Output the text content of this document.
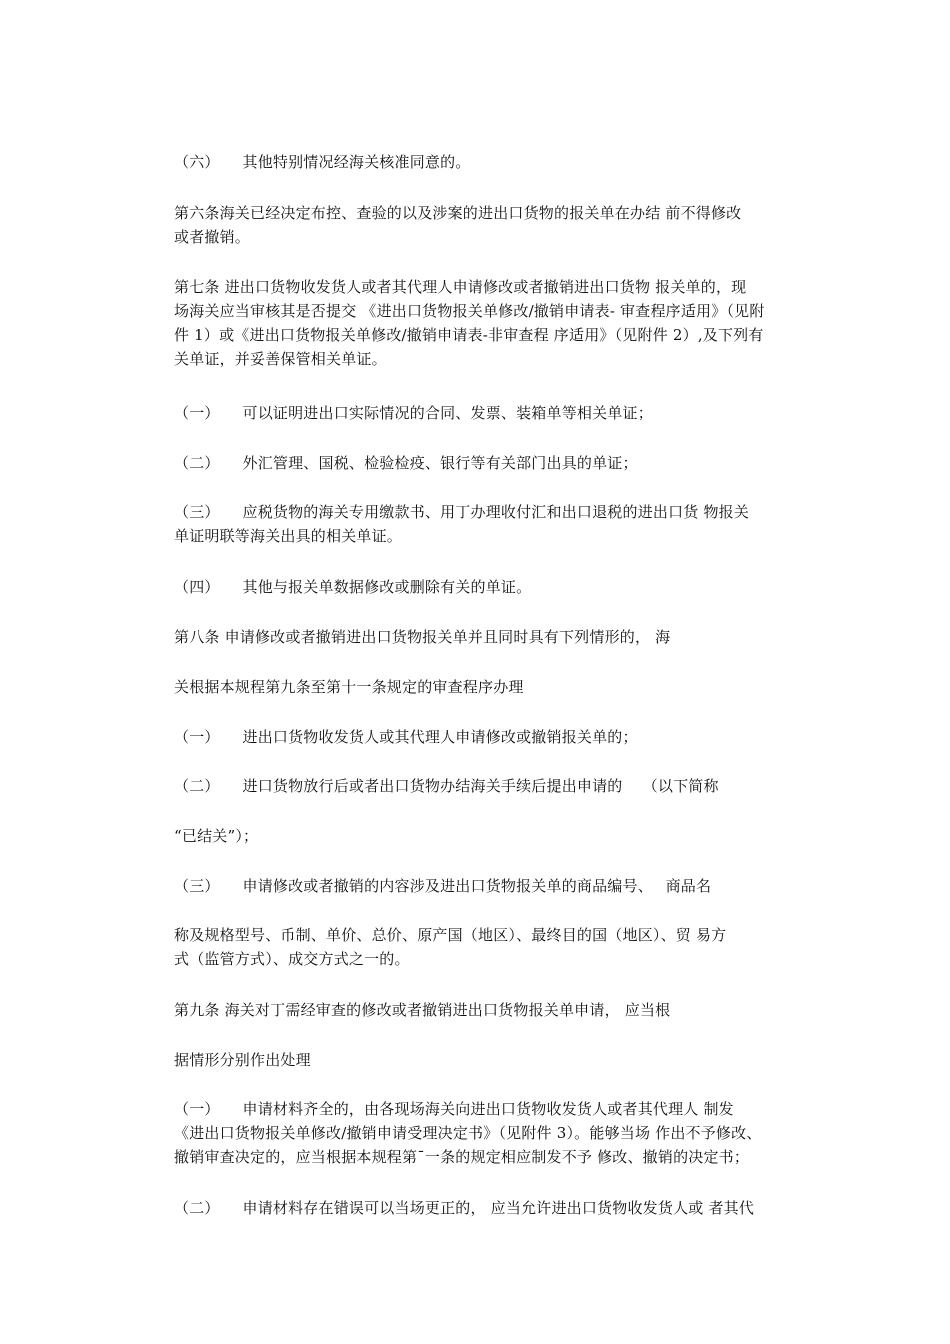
（六）　　其他特别情况经海关核准同意的。

第六条海关已经决定布控、查验的以及涉案的进出口货物的报关单在办结 前不得修改
或者撤销。

第七条 进出口货物收发货人或者其代理人申请修改或者撤销进出口货物 报关单的，现
场海关应当审核其是否提交 《进出口货物报关单修改/撤销申请表- 审查程序适用》（见附
件 1）或《进出口货物报关单修改/撤销申请表-非审查程 序适用》（见附件 2）,及下列有
关单证，并妥善保管相关单证。

（一）　　可以证明进出口实际情况的合同、发票、装箱单等相关单证；

（二）　　外汇管理、国税、检验检疫、银行等有关部门出具的单证；

（三）　　应税货物的海关专用缴款书、用丁办理收付汇和出口退税的进出口货 物报关
单证明联等海关出具的相关单证。

（四）　　其他与报关单数据修改或删除有关的单证。

第八条 申请修改或者撤销进出口货物报关单并且同时具有下列情形的， 海

关根据本规程第九条至第十一条规定的审查程序办理

（一）　　进出口货物收发货人或其代理人申请修改或撤销报关单的；

（二）　　进口货物放行后或者出口货物办结海关手续后提出申请的　 （以下简称

“已结关”）；

（三）　　申请修改或者撤销的内容涉及进出口货物报关单的商品编号、　 商品名

称及规格型号、币制、单价、总价、原产国（地区）、最终目的国（地区）、贸 易方
式（监管方式）、成交方式之一的。

第九条 海关对丁需经审查的修改或者撤销进出口货物报关单申请， 应当根

据情形分别作出处理

（一）　　申请材料齐全的，由各现场海关向进出口货物收发货人或者其代理人 制发
《进出口货物报关单修改/撤销申请受理决定书》（见附件 3）。能够当场 作出不予修改、
撤销审查决定的，应当根据本规程第¯一条的规定相应制发不予 修改、撤销的决定书；

（二）　　申请材料存在错误可以当场更正的， 应当允许进出口货物收发货人或 者其代
